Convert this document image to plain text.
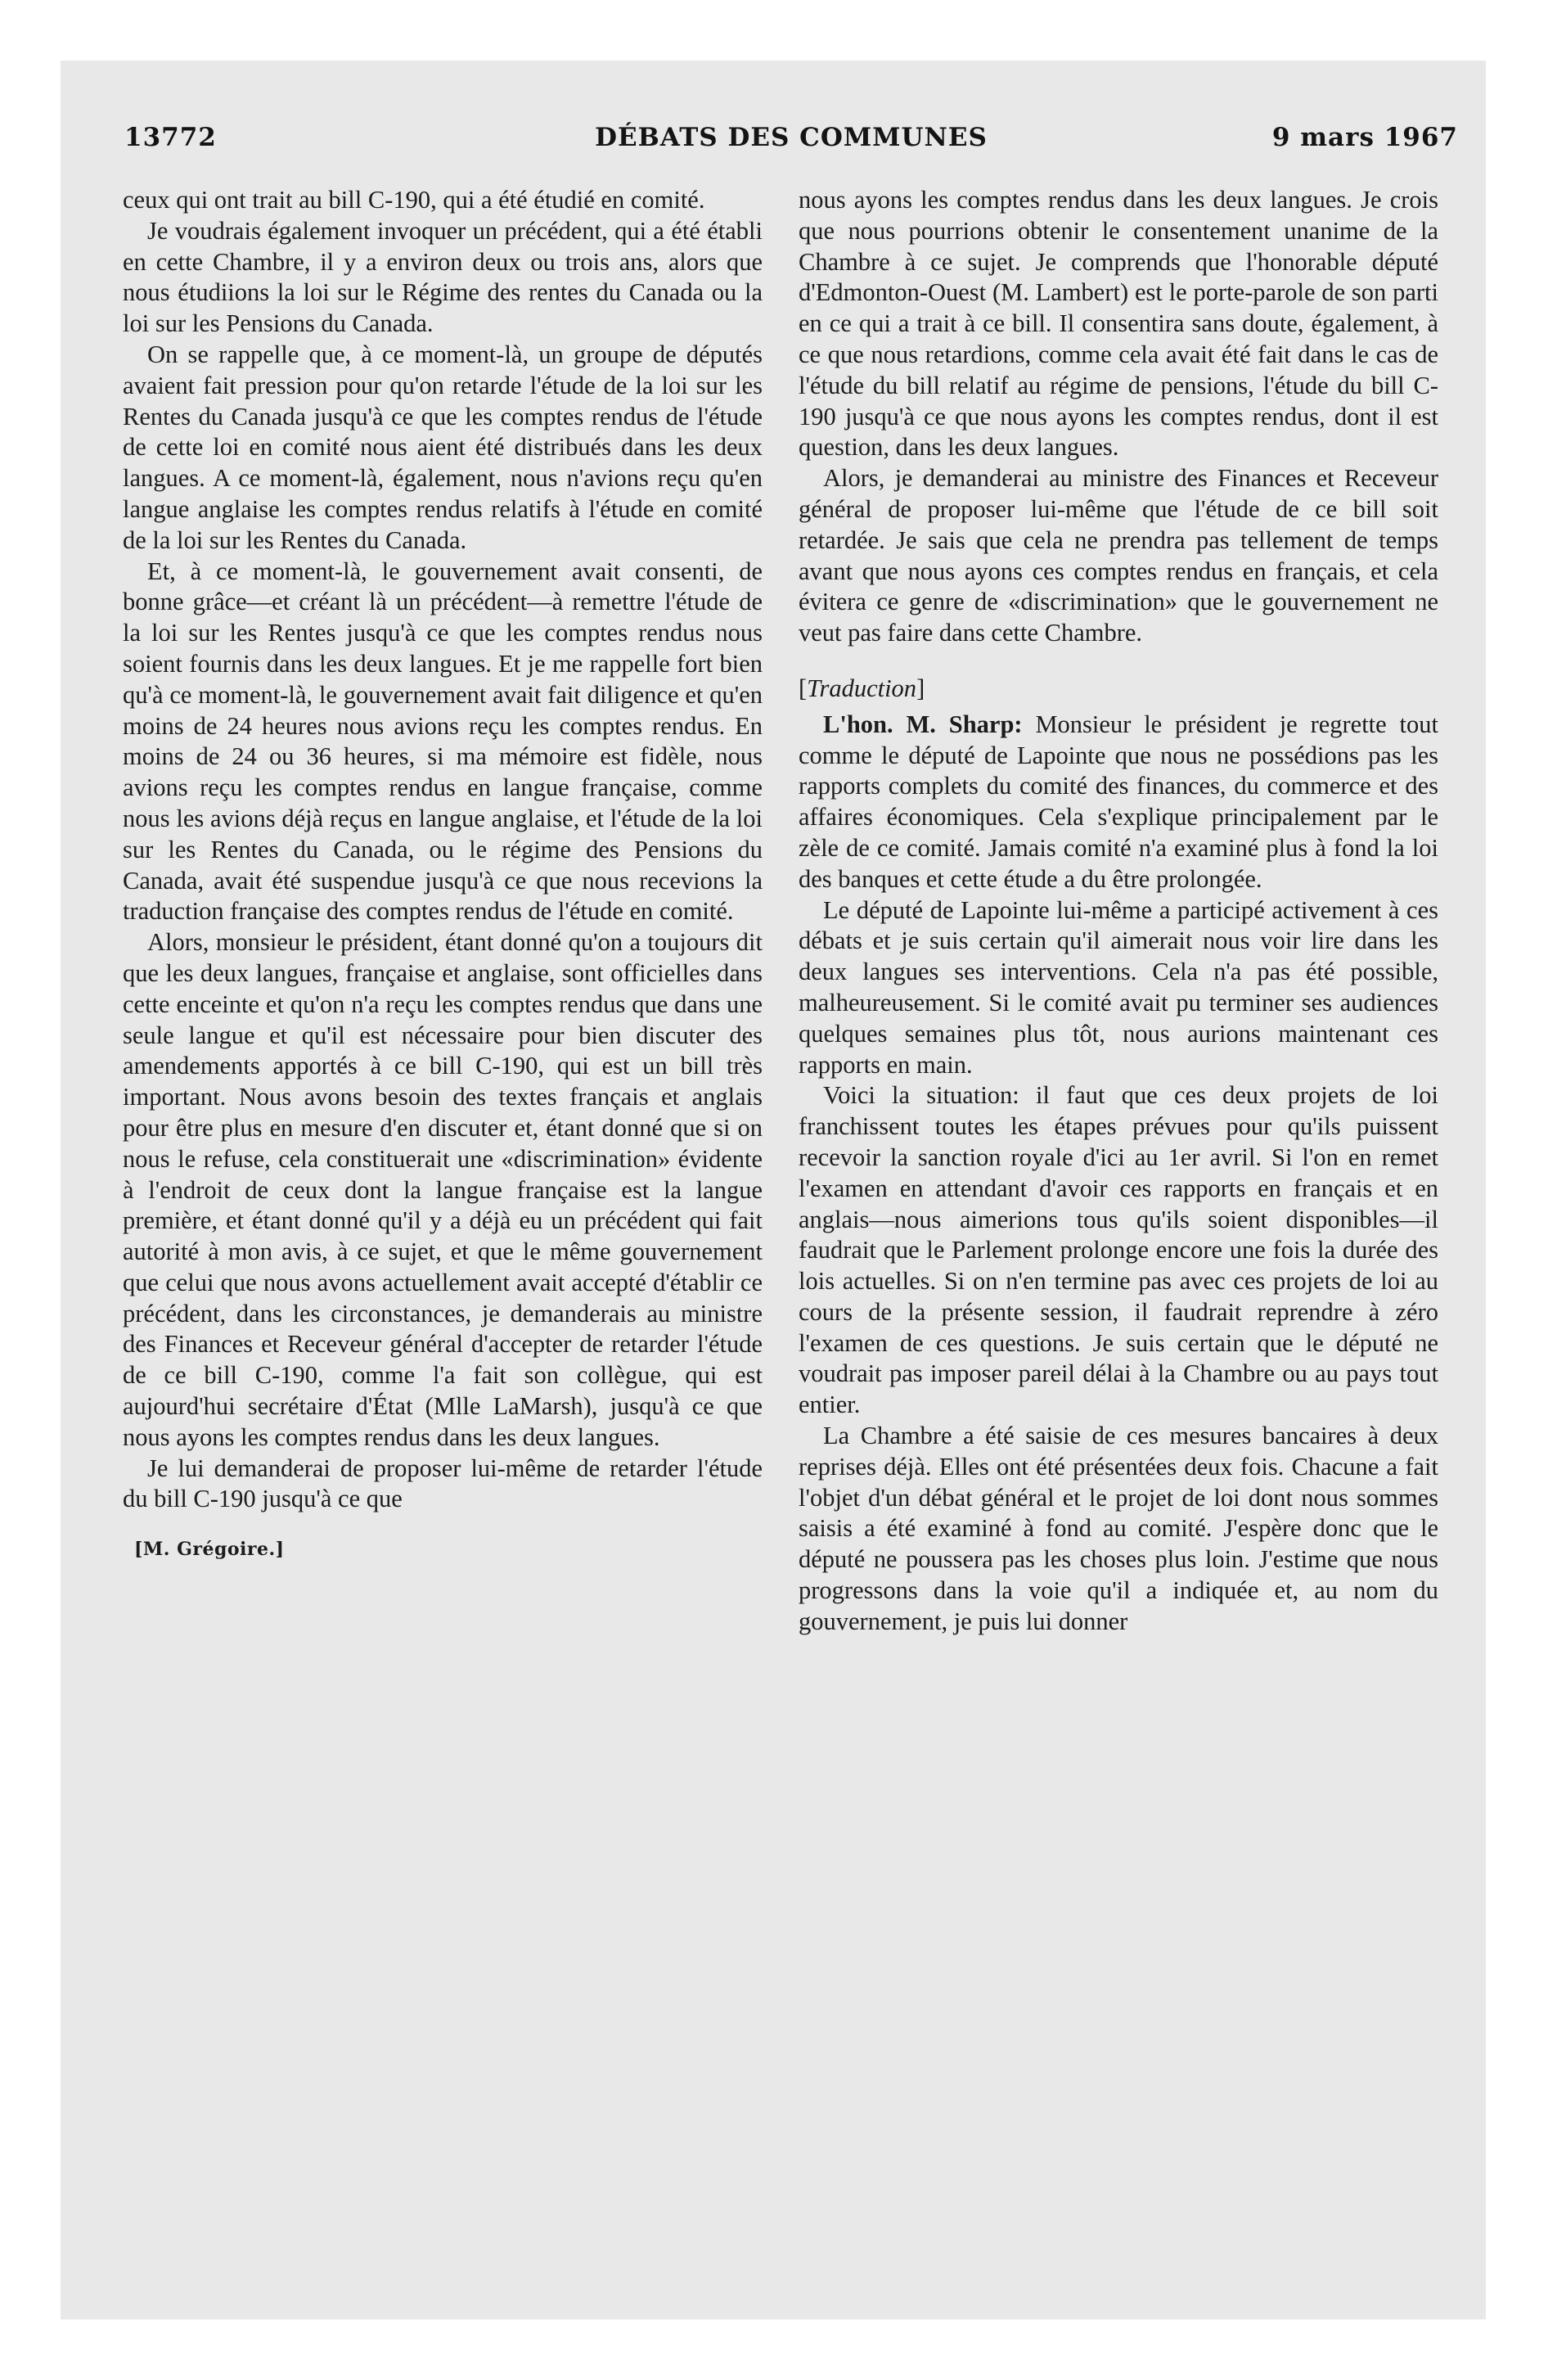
13772	DÉBATS DES COMMUNES	9 mars 1967

ceux qui ont trait au bill C-190, qui a été étudié en comité.

Je voudrais également invoquer un précédent, qui a été établi en cette Chambre, il y a environ deux ou trois ans, alors que nous étudiions la loi sur le Régime des rentes du Canada ou la loi sur les Pensions du Canada.

On se rappelle que, à ce moment-là, un groupe de députés avaient fait pression pour qu'on retarde l'étude de la loi sur les Rentes du Canada jusqu'à ce que les comptes rendus de l'étude de cette loi en comité nous aient été distribués dans les deux langues. A ce moment-là, également, nous n'avions reçu qu'en langue anglaise les comptes rendus relatifs à l'étude en comité de la loi sur les Rentes du Canada.

Et, à ce moment-là, le gouvernement avait consenti, de bonne grâce—et créant là un précédent—à remettre l'étude de la loi sur les Rentes jusqu'à ce que les comptes rendus nous soient fournis dans les deux langues. Et je me rappelle fort bien qu'à ce moment-là, le gouvernement avait fait diligence et qu'en moins de 24 heures nous avions reçu les comptes rendus. En moins de 24 ou 36 heures, si ma mémoire est fidèle, nous avions reçu les comptes rendus en langue française, comme nous les avions déjà reçus en langue anglaise, et l'étude de la loi sur les Rentes du Canada, ou le régime des Pensions du Canada, avait été suspendue jusqu'à ce que nous recevions la traduction française des comptes rendus de l'étude en comité.

Alors, monsieur le président, étant donné qu'on a toujours dit que les deux langues, française et anglaise, sont officielles dans cette enceinte et qu'on n'a reçu les comptes rendus que dans une seule langue et qu'il est nécessaire pour bien discuter des amendements apportés à ce bill C-190, qui est un bill très important. Nous avons besoin des textes français et anglais pour être plus en mesure d'en discuter et, étant donné que si on nous le refuse, cela constituerait une «discrimination» évidente à l'endroit de ceux dont la langue française est la langue première, et étant donné qu'il y a déjà eu un précédent qui fait autorité à mon avis, à ce sujet, et que le même gouvernement que celui que nous avons actuellement avait accepté d'établir ce précédent, dans les circonstances, je demanderais au ministre des Finances et Receveur général d'accepter de retarder l'étude de ce bill C-190, comme l'a fait son collègue, qui est aujourd'hui secrétaire d'État (Mlle LaMarsh), jusqu'à ce que nous ayons les comptes rendus dans les deux langues.

Je lui demanderai de proposer lui-même de retarder l'étude du bill C-190 jusqu'à ce que

[M. Grégoire.]

nous ayons les comptes rendus dans les deux langues. Je crois que nous pourrions obtenir le consentement unanime de la Chambre à ce sujet. Je comprends que l'honorable député d'Edmonton-Ouest (M. Lambert) est le porte-parole de son parti en ce qui a trait à ce bill. Il consentira sans doute, également, à ce que nous retardions, comme cela avait été fait dans le cas de l'étude du bill relatif au régime de pensions, l'étude du bill C-190 jusqu'à ce que nous ayons les comptes rendus, dont il est question, dans les deux langues.

Alors, je demanderai au ministre des Finances et Receveur général de proposer lui-même que l'étude de ce bill soit retardée. Je sais que cela ne prendra pas tellement de temps avant que nous ayons ces comptes rendus en français, et cela évitera ce genre de «discrimination» que le gouvernement ne veut pas faire dans cette Chambre.

[Traduction]

L'hon. M. Sharp: Monsieur le président je regrette tout comme le député de Lapointe que nous ne possédions pas les rapports complets du comité des finances, du commerce et des affaires économiques. Cela s'explique principalement par le zèle de ce comité. Jamais comité n'a examiné plus à fond la loi des banques et cette étude a du être prolongée.

Le député de Lapointe lui-même a participé activement à ces débats et je suis certain qu'il aimerait nous voir lire dans les deux langues ses interventions. Cela n'a pas été possible, malheureusement. Si le comité avait pu terminer ses audiences quelques semaines plus tôt, nous aurions maintenant ces rapports en main.

Voici la situation: il faut que ces deux projets de loi franchissent toutes les étapes prévues pour qu'ils puissent recevoir la sanction royale d'ici au 1er avril. Si l'on en remet l'examen en attendant d'avoir ces rapports en français et en anglais—nous aimerions tous qu'ils soient disponibles—il faudrait que le Parlement prolonge encore une fois la durée des lois actuelles. Si on n'en termine pas avec ces projets de loi au cours de la présente session, il faudrait reprendre à zéro l'examen de ces questions. Je suis certain que le député ne voudrait pas imposer pareil délai à la Chambre ou au pays tout entier.

La Chambre a été saisie de ces mesures bancaires à deux reprises déjà. Elles ont été présentées deux fois. Chacune a fait l'objet d'un débat général et le projet de loi dont nous sommes saisis a été examiné à fond au comité. J'espère donc que le député ne poussera pas les choses plus loin. J'estime que nous progressons dans la voie qu'il a indiquée et, au nom du gouvernement, je puis lui donner
